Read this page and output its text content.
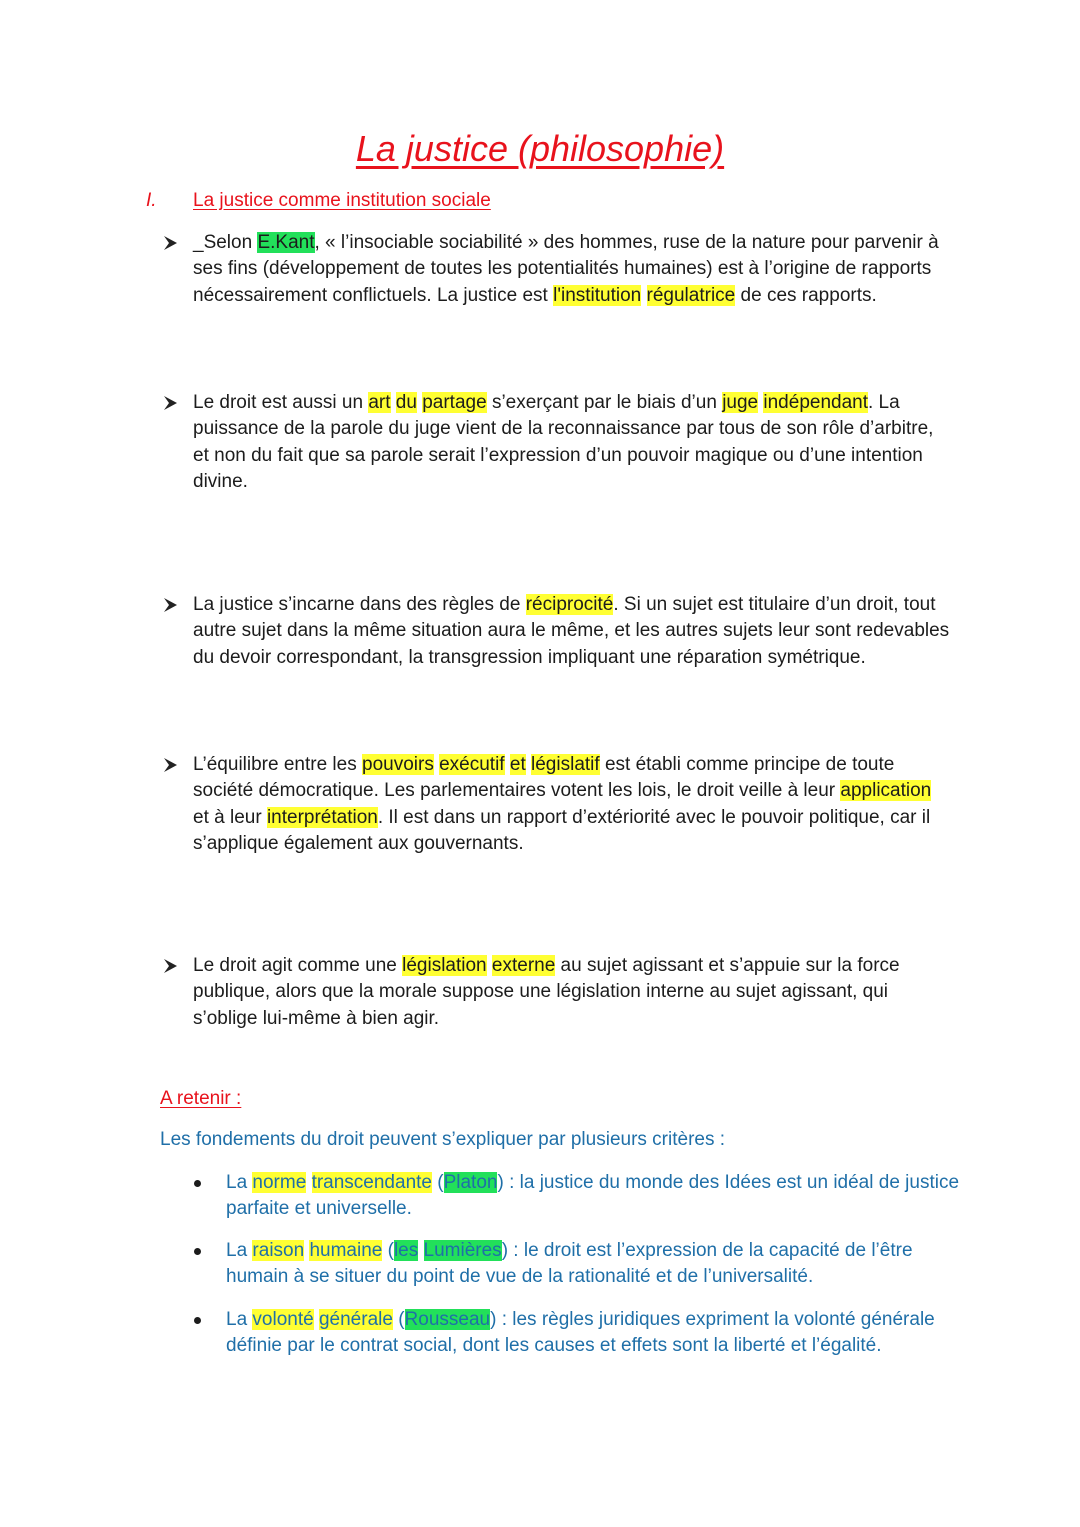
La justice (philosophie)
I. La justice comme institution sociale
_Selon E.Kant, « l’insociable sociabilité » des hommes, ruse de la nature pour parvenir à ses fins (développement de toutes les potentialités humaines) est à l’origine de rapports nécessairement conflictuels. La justice est l'institution régulatrice de ces rapports.
Le droit est aussi un art du partage s’exerçant par le biais d’un juge indépendant. La puissance de la parole du juge vient de la reconnaissance par tous de son rôle d’arbitre, et non du fait que sa parole serait l’expression d’un pouvoir magique ou d’une intention divine.
La justice s’incarne dans des règles de réciprocité. Si un sujet est titulaire d’un droit, tout autre sujet dans la même situation aura le même, et les autres sujets leur sont redevables du devoir correspondant, la transgression impliquant une réparation symétrique.
L’équilibre entre les pouvoirs exécutif et législatif est établi comme principe de toute société démocratique. Les parlementaires votent les lois, le droit veille à leur application et à leur interprétation. Il est dans un rapport d’extériorité avec le pouvoir politique, car il s’applique également aux gouvernants.
Le droit agit comme une législation externe au sujet agissant et s’appuie sur la force publique, alors que la morale suppose une législation interne au sujet agissant, qui s’oblige lui-même à bien agir.
A retenir :
Les fondements du droit peuvent s’expliquer par plusieurs critères :
La norme transcendante (Platon) : la justice du monde des Idées est un idéal de justice parfaite et universelle.
La raison humaine (les Lumières) : le droit est l’expression de la capacité de l’être humain à se situer du point de vue de la rationalité et de l’universalité.
La volonté générale (Rousseau) : les règles juridiques expriment la volonté générale définie par le contrat social, dont les causes et effets sont la liberté et l’égalité.
